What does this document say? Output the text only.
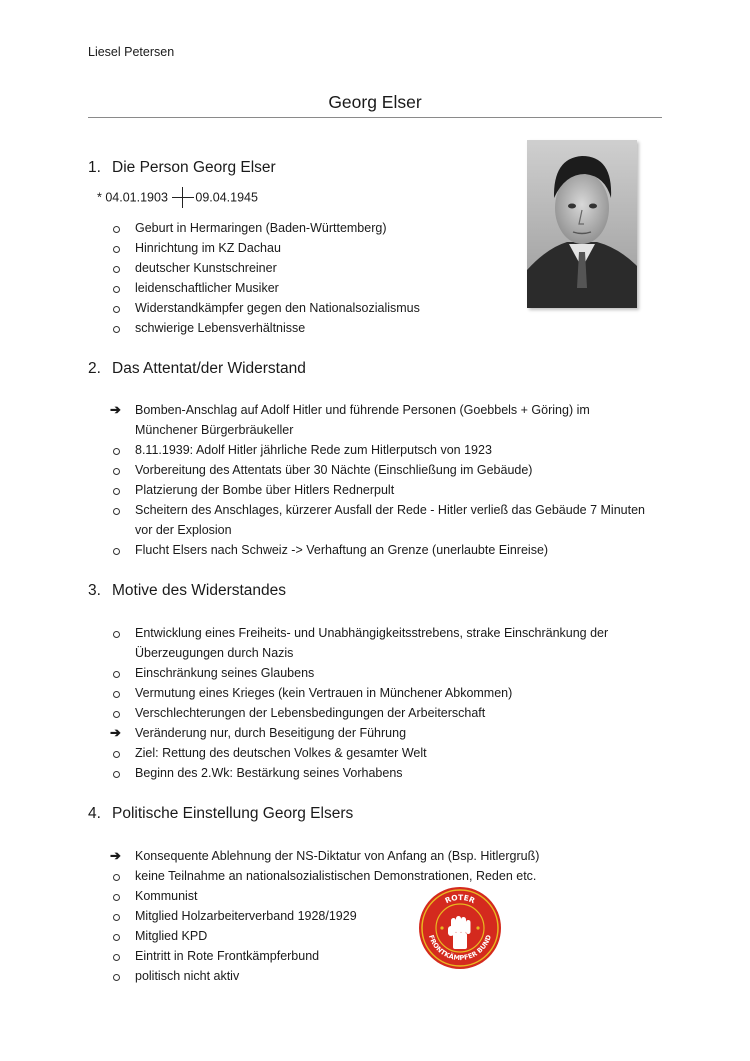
Liesel Petersen
Georg Elser
1. Die Person Georg Elser
* 04.01.1903 09.04.1945
Geburt in Hermaringen (Baden-Württemberg)
Hinrichtung im KZ Dachau
deutscher Kunstschreiner
leidenschaftlicher Musiker
Widerstandkämpfer gegen den Nationalsozialismus
schwierige Lebensverhältnisse
2. Das Attentat/der Widerstand
➔	Bomben-Anschlag auf Adolf Hitler und führende Personen (Goebbels + Göring) im Münchener Bürgerbräukeller
8.11.1939: Adolf Hitler jährliche Rede zum Hitlerputsch von 1923
Vorbereitung des Attentats über 30 Nächte (Einschließung im Gebäude)
Platzierung der Bombe über Hitlers Rednerpult
Scheitern des Anschlages, kürzerer Ausfall der Rede - Hitler verließ das Gebäude 7 Minuten vor der Explosion
Flucht Elsers nach Schweiz -> Verhaftung an Grenze (unerlaubte Einreise)
3. Motive des Widerstandes
Entwicklung eines Freiheits- und Unabhängigkeitsstrebens, strake Einschränkung der Überzeugungen durch Nazis
Einschränkung seines Glaubens
Vermutung eines Krieges (kein Vertrauen in Münchener Abkommen)
Verschlechterungen der Lebensbedingungen der Arbeiterschaft
➔	Veränderung nur, durch Beseitigung der Führung
Ziel: Rettung des deutschen Volkes & gesamter Welt
Beginn des 2.Wk: Bestärkung seines Vorhabens
4. Politische Einstellung Georg Elsers
➔	Konsequente Ablehnung der NS-Diktatur von Anfang an (Bsp. Hitlergruß)
keine Teilnahme an nationalsozialistischen Demonstrationen, Reden etc.
Kommunist
Mitglied Holzarbeiterverband 1928/1929
Mitglied KPD
Eintritt in Rote Frontkämpferbund
politisch nicht aktiv
ROTER
FRONTKÄMPFER BUND
